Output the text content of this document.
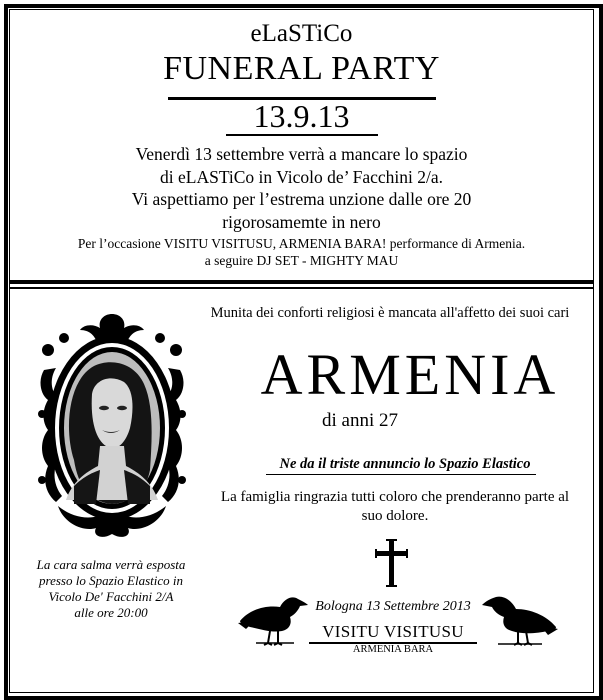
eLaSTiCo
FUNERAL PARTY
13.9.13
Venerdì 13 settembre verrà a mancare lo spazio
di eLASTiCo in Vicolo de’ Facchini 2/a.
Vi aspettiamo per l’estrema unzione dalle ore 20
rigorosamemte in nero
Per l’occasione VISITU VISITUSU, ARMENIA BARA! performance di Armenia.
a seguire DJ SET - MIGHTY MAU
La cara salma verrà esposta
presso lo Spazio Elastico in
Vicolo De' Facchini 2/A
alle ore 20:00
Munita dei conforti religiosi è mancata all'affetto dei suoi cari
ARMENIA
di anni 27
Ne da il triste annuncio lo Spazio Elastico
La famiglia ringrazia tutti coloro che prenderanno parte al
suo dolore.
Bologna 13 Settembre 2013
VISITU VISITUSU
ARMENIA BARA
